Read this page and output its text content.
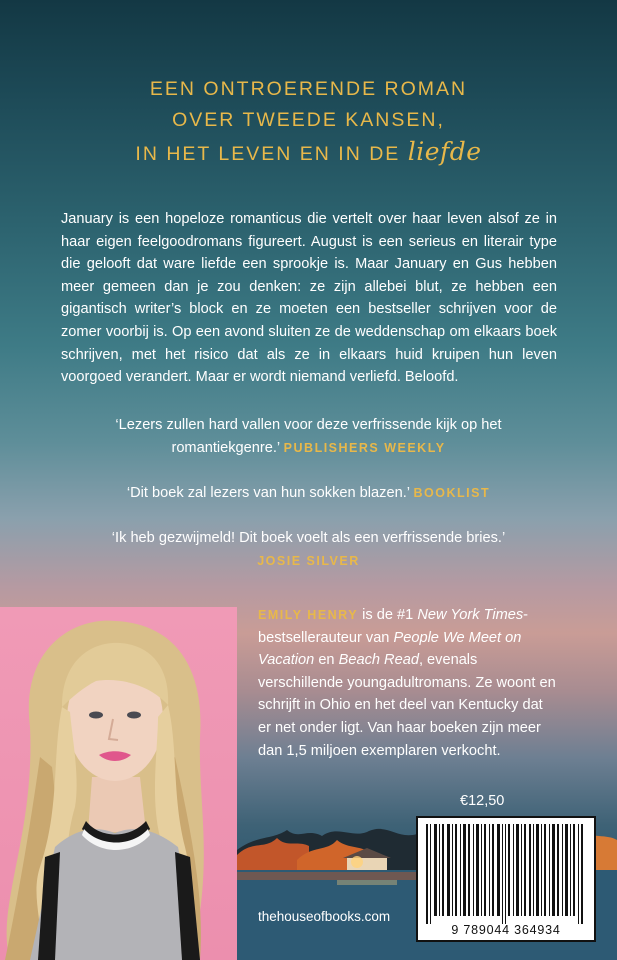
EEN ONTROERENDE ROMAN
OVER TWEEDE KANSEN,
IN HET LEVEN EN IN DE liefde

January is een hopeloze romanticus die vertelt over haar leven alsof ze in haar eigen feelgoodromans figureert. August is een serieus en literair type die gelooft dat ware liefde een sprookje is. Maar January en Gus hebben meer gemeen dan je zou denken: ze zijn allebei blut, ze hebben een gigantisch writer’s block en ze moeten een bestseller schrijven voor de zomer voorbij is. Op een avond sluiten ze de weddenschap om elkaars boek schrijven, met het risico dat als ze in elkaars huid kruipen hun leven voorgoed verandert. Maar er wordt niemand verliefd. Beloofd.

‘Lezers zullen hard vallen voor deze verfrissende kijk op het romantiekgenre.’ PUBLISHERS WEEKLY

‘Dit boek zal lezers van hun sokken blazen.’ BOOKLIST

‘Ik heb gezwijmeld! Dit boek voelt als een verfrissende bries.’
JOSIE SILVER

EMILY HENRY is de #1 New York Times-bestsellerauteur van People We Meet on Vacation en Beach Read, evenals verschillende youngadultromans. Ze woont en schrijft in Ohio en het deel van Kentucky dat er net onder ligt. Van haar boeken zijn meer dan 1,5 miljoen exemplaren verkocht.

€12,50
9 789044 364934
thehouseofbooks.com
